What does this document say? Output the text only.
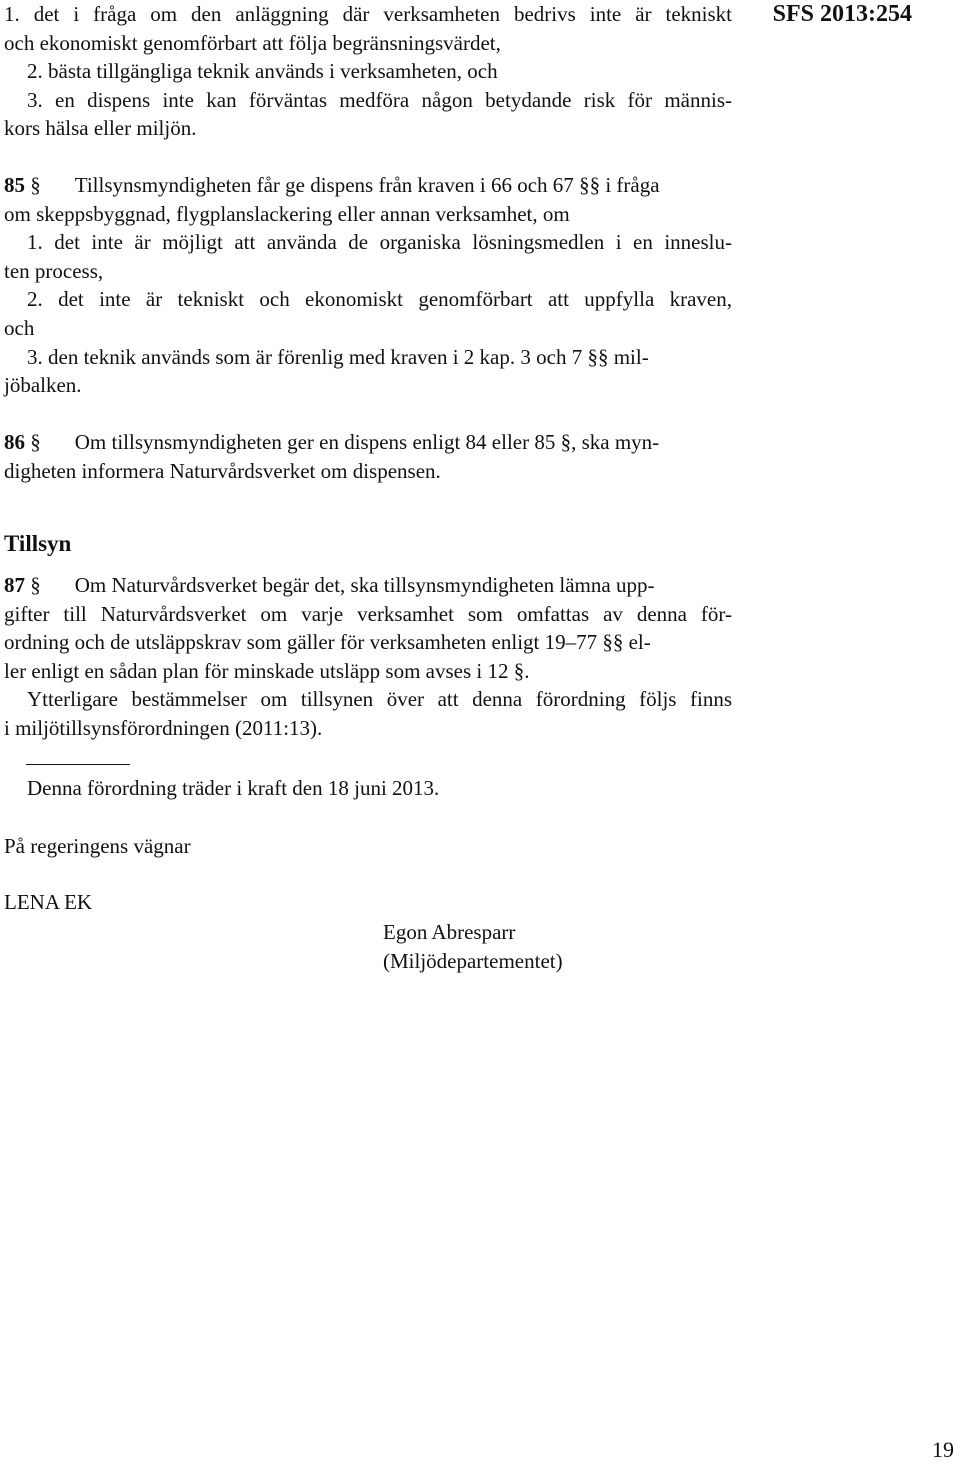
SFS 2013:254
1. det i fråga om den anläggning där verksamheten bedrivs inte är tekniskt
och ekonomiskt genomförbart att följa begränsningsvärdet,
2. bästa tillgängliga teknik används i verksamheten, och
3. en dispens inte kan förväntas medföra någon betydande risk för männis-
kors hälsa eller miljön.
85 § Tillsynsmyndigheten får ge dispens från kraven i 66 och 67 §§ i fråga
om skeppsbyggnad, flygplanslackering eller annan verksamhet, om
1. det inte är möjligt att använda de organiska lösningsmedlen i en inneslu-
ten process,
2. det inte är tekniskt och ekonomiskt genomförbart att uppfylla kraven,
och
3. den teknik används som är förenlig med kraven i 2 kap. 3 och 7 §§ mil-
jöbalken.
86 § Om tillsynsmyndigheten ger en dispens enligt 84 eller 85 §, ska myn-
digheten informera Naturvårdsverket om dispensen.
Tillsyn
87 § Om Naturvårdsverket begär det, ska tillsynsmyndigheten lämna upp-
gifter till Naturvårdsverket om varje verksamhet som omfattas av denna för-
ordning och de utsläppskrav som gäller för verksamheten enligt 19–77 §§ el-
ler enligt en sådan plan för minskade utsläpp som avses i 12 §.
Ytterligare bestämmelser om tillsynen över att denna förordning följs finns
i miljötillsynsförordningen (2011:13).
Denna förordning träder i kraft den 18 juni 2013.
På regeringens vägnar
LENA EK
Egon Abresparr
(Miljödepartementet)
19
